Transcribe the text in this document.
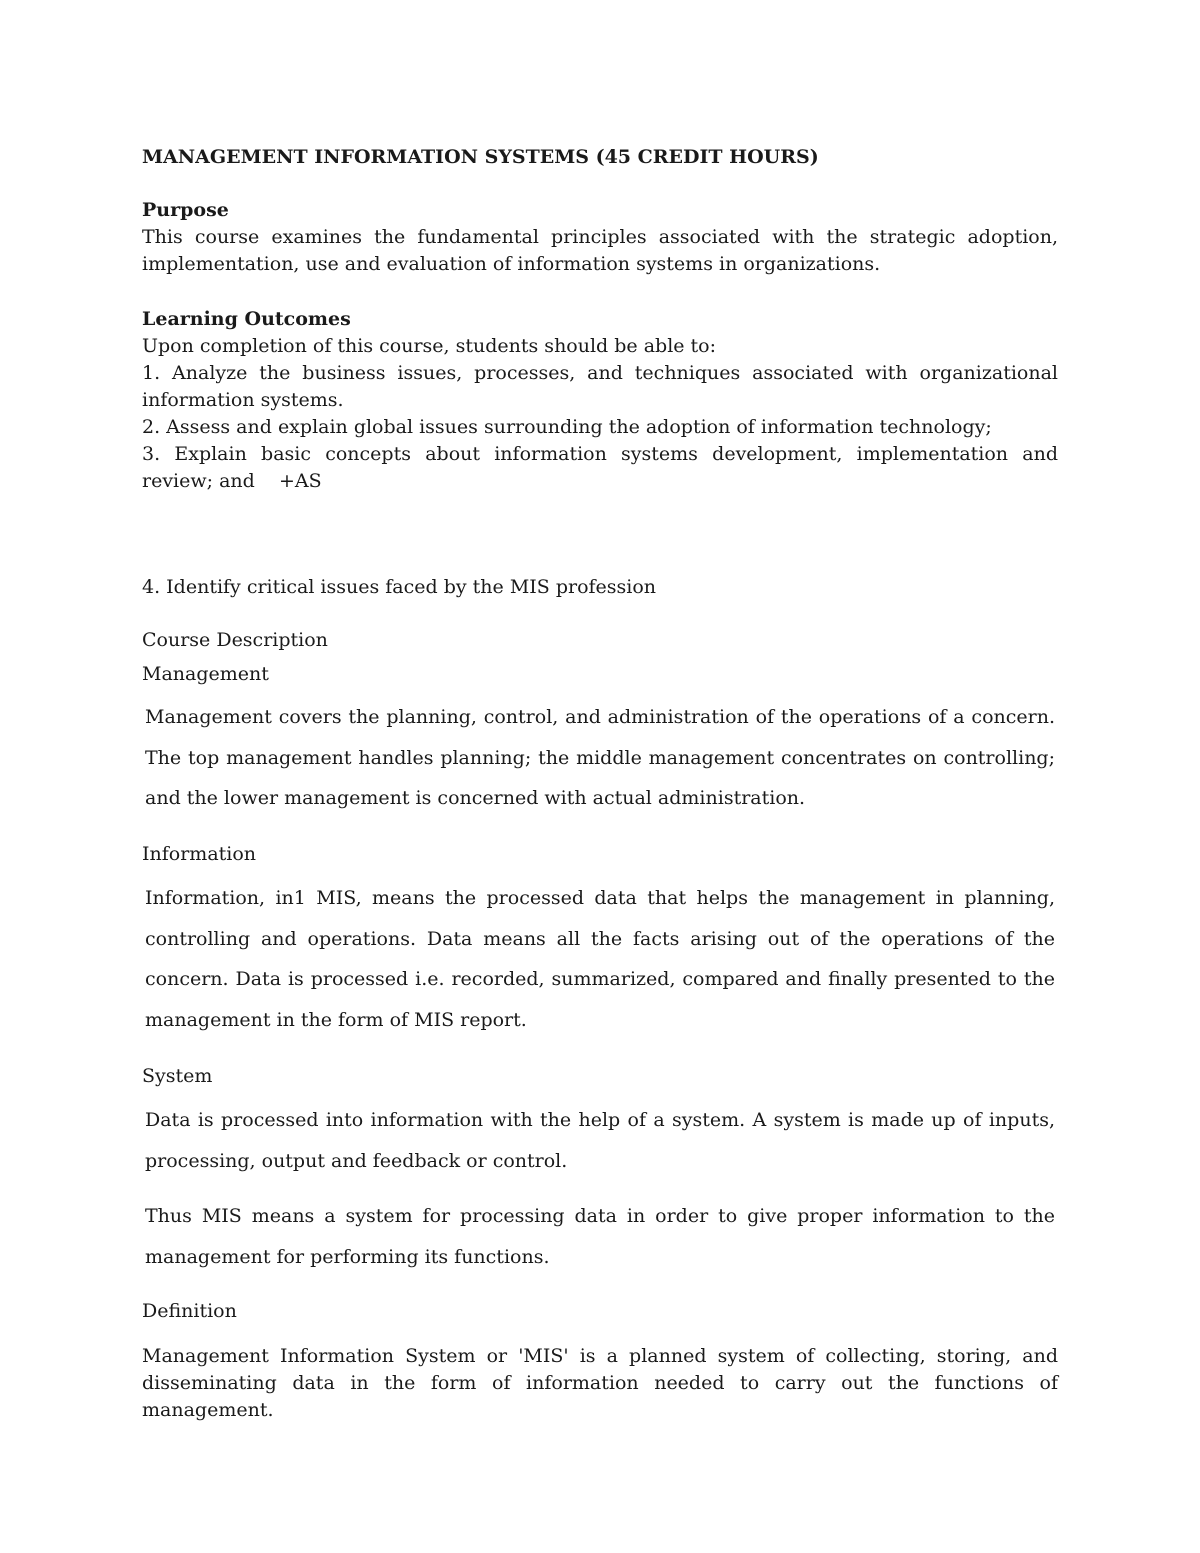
MANAGEMENT INFORMATION SYSTEMS (45 CREDIT HOURS)

Purpose

This course examines the fundamental principles associated with the strategic adoption, implementation, use and evaluation of information systems in organizations.

Learning Outcomes

Upon completion of this course, students should be able to:

1. Analyze the business issues, processes, and techniques associated with organizational information systems.

2. Assess and explain global issues surrounding the adoption of information technology;

3. Explain basic concepts about information systems development, implementation and review; and    +AS

4. Identify critical issues faced by the MIS profession

Course Description

Management

Management covers the planning, control, and administration of the operations of a concern. The top management handles planning; the middle management concentrates on controlling; and the lower management is concerned with actual administration.

Information

Information, in1 MIS, means the processed data that helps the management in planning, controlling and operations. Data means all the facts arising out of the operations of the concern. Data is processed i.e. recorded, summarized, compared and finally presented to the management in the form of MIS report.

System

Data is processed into information with the help of a system. A system is made up of inputs, processing, output and feedback or control.

Thus MIS means a system for processing data in order to give proper information to the management for performing its functions.

Definition

Management Information System or 'MIS' is a planned system of collecting, storing, and disseminating data in the form of information needed to carry out the functions of management.
